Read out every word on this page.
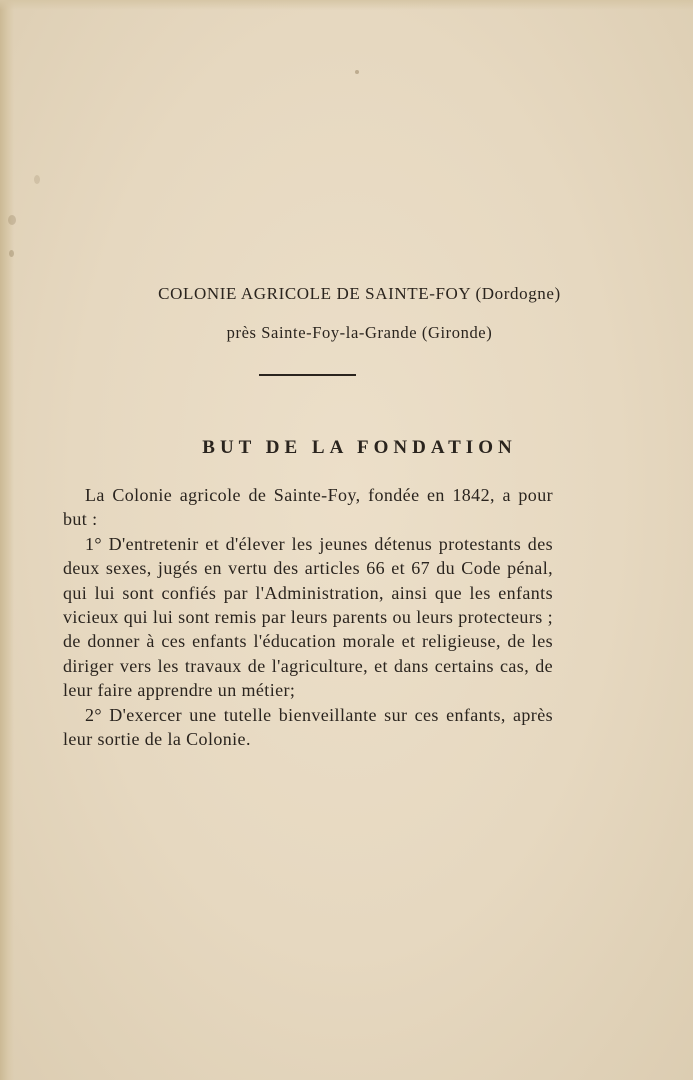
COLONIE AGRICOLE DE SAINTE-FOY (Dordogne)
près Sainte-Foy-la-Grande (Gironde)
BUT DE LA FONDATION

La Colonie agricole de Sainte-Foy, fondée en 1842, a pour but :

1° D'entretenir et d'élever les jeunes détenus protestants des deux sexes, jugés en vertu des articles 66 et 67 du Code pénal, qui lui sont confiés par l'Administration, ainsi que les enfants vicieux qui lui sont remis par leurs parents ou leurs protecteurs ; de donner à ces enfants l'éducation morale et religieuse, de les diriger vers les travaux de l'agriculture, et dans certains cas, de leur faire apprendre un métier;

2° D'exercer une tutelle bienveillante sur ces enfants, après leur sortie de la Colonie.
